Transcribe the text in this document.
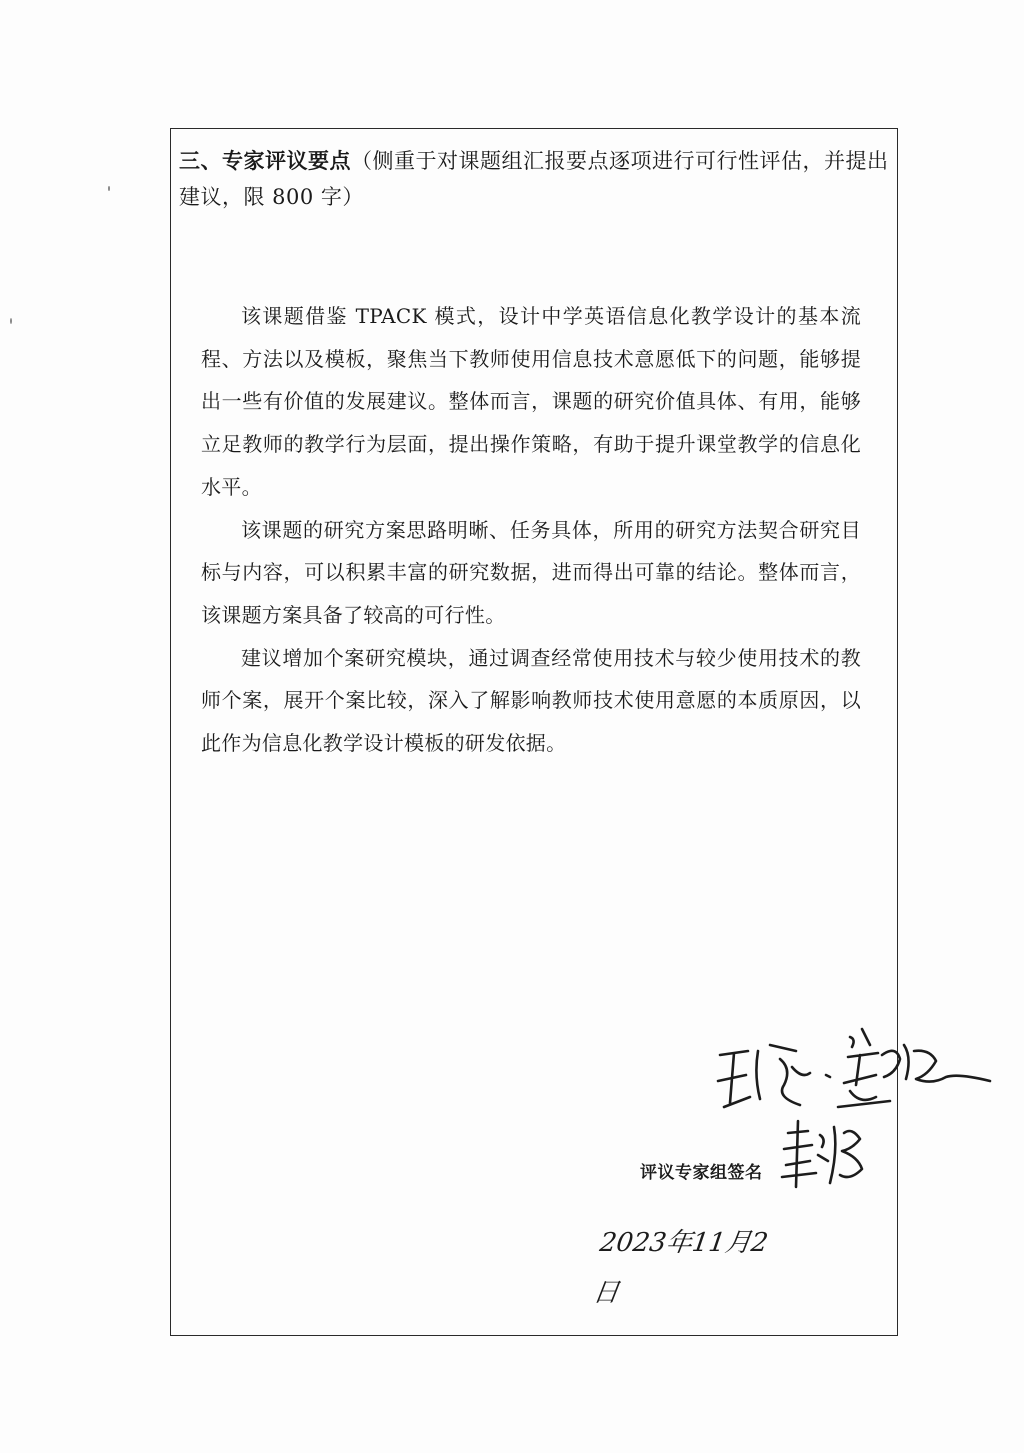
三、专家评议要点（侧重于对课题组汇报要点逐项进行可行性评估，并提出建议，限 800 字）

该课题借鉴 TPACK 模式，设计中学英语信息化教学设计的基本流程、方法以及模板，聚焦当下教师使用信息技术意愿低下的问题，能够提出一些有价值的发展建议。整体而言，课题的研究价值具体、有用，能够立足教师的教学行为层面，提出操作策略，有助于提升课堂教学的信息化水平。

该课题的研究方案思路明晰、任务具体，所用的研究方法契合研究目标与内容，可以积累丰富的研究数据，进而得出可靠的结论。整体而言，该课题方案具备了较高的可行性。

建议增加个案研究模块，通过调查经常使用技术与较少使用技术的教师个案，展开个案比较，深入了解影响教师技术使用意愿的本质原因，以此作为信息化教学设计模板的研发依据。

评议专家组签名
2023年11月2日
